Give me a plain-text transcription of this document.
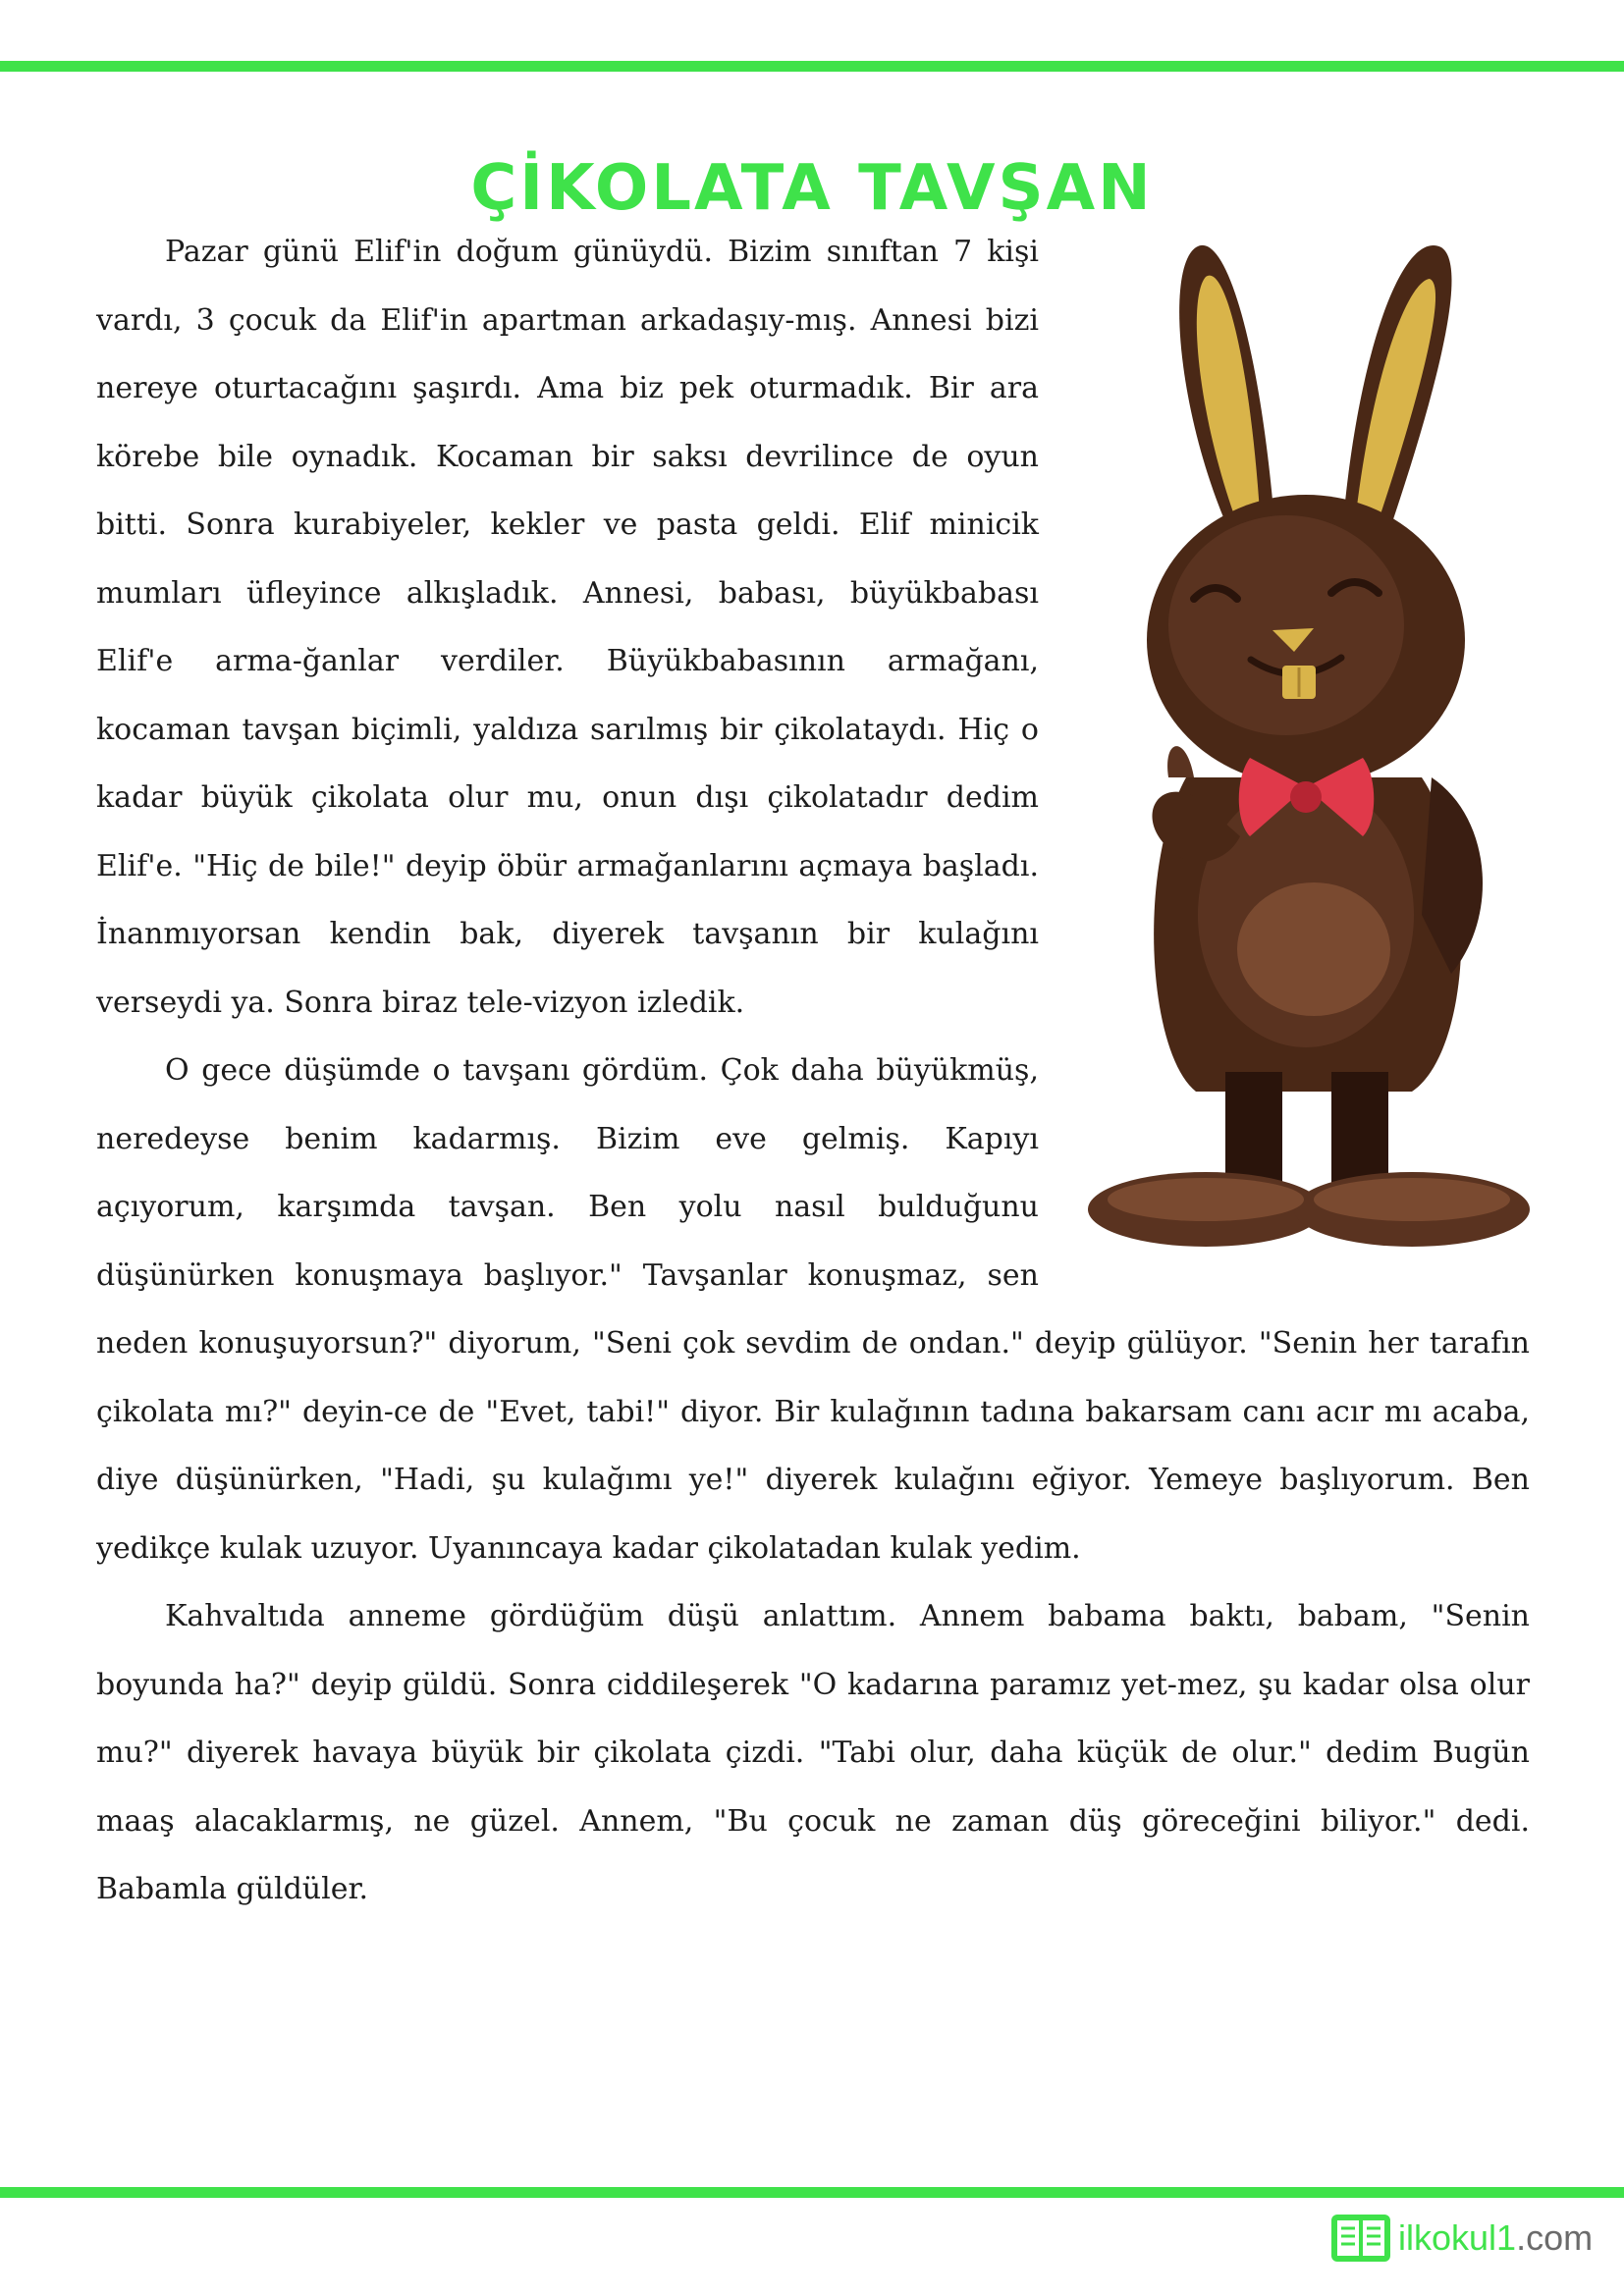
ÇİKOLATA TAVŞAN

Pazar günü Elif'in doğum günüydü. Bizim sınıftan 7 kişi vardı, 3 çocuk da Elif'in apartman arkadaşıy-mış. Annesi bizi nereye oturtacağını şaşırdı. Ama biz pek oturmadık. Bir ara körebe bile oynadık. Kocaman bir saksı devrilince de oyun bitti. Sonra kurabiyeler, kekler ve pasta geldi. Elif minicik mumları üfleyince alkışladık. Annesi, babası, büyükbabası Elif'e arma-ğanlar verdiler. Büyükbabasının armağanı, kocaman tavşan biçimli, yaldıza sarılmış bir çikolataydı. Hiç o kadar büyük çikolata olur mu, onun dışı çikolatadır dedim Elif'e. "Hiç de bile!" deyip öbür armağanlarını açmaya başladı. İnanmıyorsan kendin bak, diyerek tavşanın bir kulağını verseydi ya. Sonra biraz tele-vizyon izledik.

O gece düşümde o tavşanı gördüm. Çok daha büyükmüş, neredeyse benim kadarmış. Bizim eve gelmiş. Kapıyı açıyorum, karşımda tavşan. Ben yolu nasıl bulduğunu düşünürken konuşmaya başlıyor." Tavşanlar konuşmaz, sen neden konuşuyorsun?" diyorum, "Seni çok sevdim de ondan." deyip gülüyor. "Senin her tarafın çikolata mı?" deyin-ce de "Evet, tabi!" diyor. Bir kulağının tadına bakarsam canı acır mı acaba, diye düşünürken, "Hadi, şu kulağımı ye!" diyerek kulağını eğiyor. Yemeye başlıyorum. Ben yedikçe kulak uzuyor. Uyanıncaya kadar çikolatadan kulak yedim.

Kahvaltıda anneme gördüğüm düşü anlattım. Annem babama baktı, babam, "Senin boyunda ha?" deyip güldü. Sonra ciddileşerek "O kadarına paramız yet-mez, şu kadar olsa olur mu?" diyerek havaya büyük bir çikolata çizdi. "Tabi olur, daha küçük de olur." dedim Bugün maaş alacaklarmış, ne güzel. Annem, "Bu çocuk ne zaman düş göreceğini biliyor." dedi. Babamla güldüler.

ilkokul1.com
